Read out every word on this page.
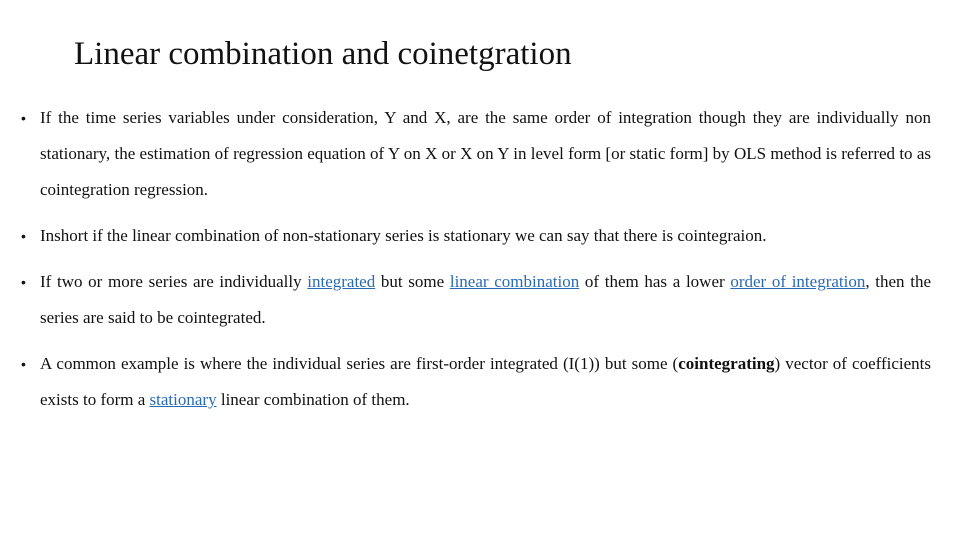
Linear combination and coinetgration
• If the time series variables under consideration, Y and X, are the same order of integration though they are individually non stationary, the estimation of regression equation of Y on X or X on Y in level form [or static form] by OLS method is referred to as cointegration regression.
• Inshort if the linear combination of non-stationary series is stationary we can say that there is cointegraion.
• If two or more series are individually integrated but some linear combination of them has a lower order of integration, then the series are said to be cointegrated.
• A common example is where the individual series are first-order integrated (I(1)) but some (cointegrating) vector of coefficients exists to form a stationary linear combination of them.
